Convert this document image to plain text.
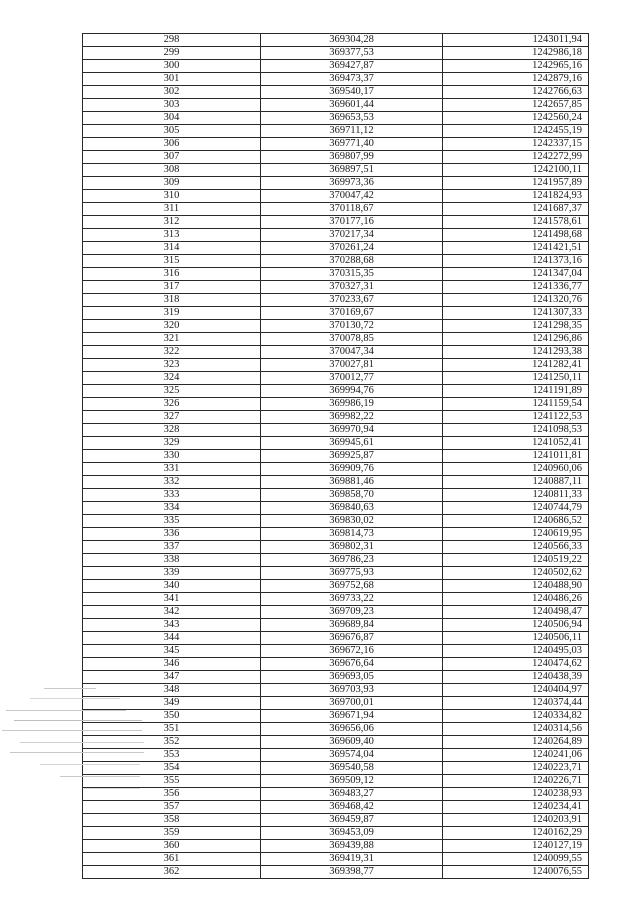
298	369304,28	1243011,94
299	369377,53	1242986,18
300	369427,87	1242965,16
301	369473,37	1242879,16
302	369540,17	1242766,63
303	369601,44	1242657,85
304	369653,53	1242560,24
305	369711,12	1242455,19
306	369771,40	1242337,15
307	369807,99	1242272,99
308	369897,51	1242100,11
309	369973,36	1241957,89
310	370047,42	1241824,93
311	370118,67	1241687,37
312	370177,16	1241578,61
313	370217,34	1241498,68
314	370261,24	1241421,51
315	370288,68	1241373,16
316	370315,35	1241347,04
317	370327,31	1241336,77
318	370233,67	1241320,76
319	370169,67	1241307,33
320	370130,72	1241298,35
321	370078,85	1241296,86
322	370047,34	1241293,38
323	370027,81	1241282,41
324	370012,77	1241250,11
325	369994,76	1241191,89
326	369986,19	1241159,54
327	369982,22	1241122,53
328	369970,94	1241098,53
329	369945,61	1241052,41
330	369925,87	1241011,81
331	369909,76	1240960,06
332	369881,46	1240887,11
333	369858,70	1240811,33
334	369840,63	1240744,79
335	369830,02	1240686,52
336	369814,73	1240619,95
337	369802,31	1240566,33
338	369786,23	1240519,22
339	369775,93	1240502,62
340	369752,68	1240488,90
341	369733,22	1240486,26
342	369709,23	1240498,47
343	369689,84	1240506,94
344	369676,87	1240506,11
345	369672,16	1240495,03
346	369676,64	1240474,62
347	369693,05	1240438,39
348	369703,93	1240404,97
349	369700,01	1240374,44
350	369671,94	1240334,82
351	369656,06	1240314,56
352	369609,40	1240264,89
353	369574,04	1240241,06
354	369540,58	1240223,71
355	369509,12	1240226,71
356	369483,27	1240238,93
357	369468,42	1240234,41
358	369459,87	1240203,91
359	369453,09	1240162,29
360	369439,88	1240127,19
361	369419,31	1240099,55
362	369398,77	1240076,55
